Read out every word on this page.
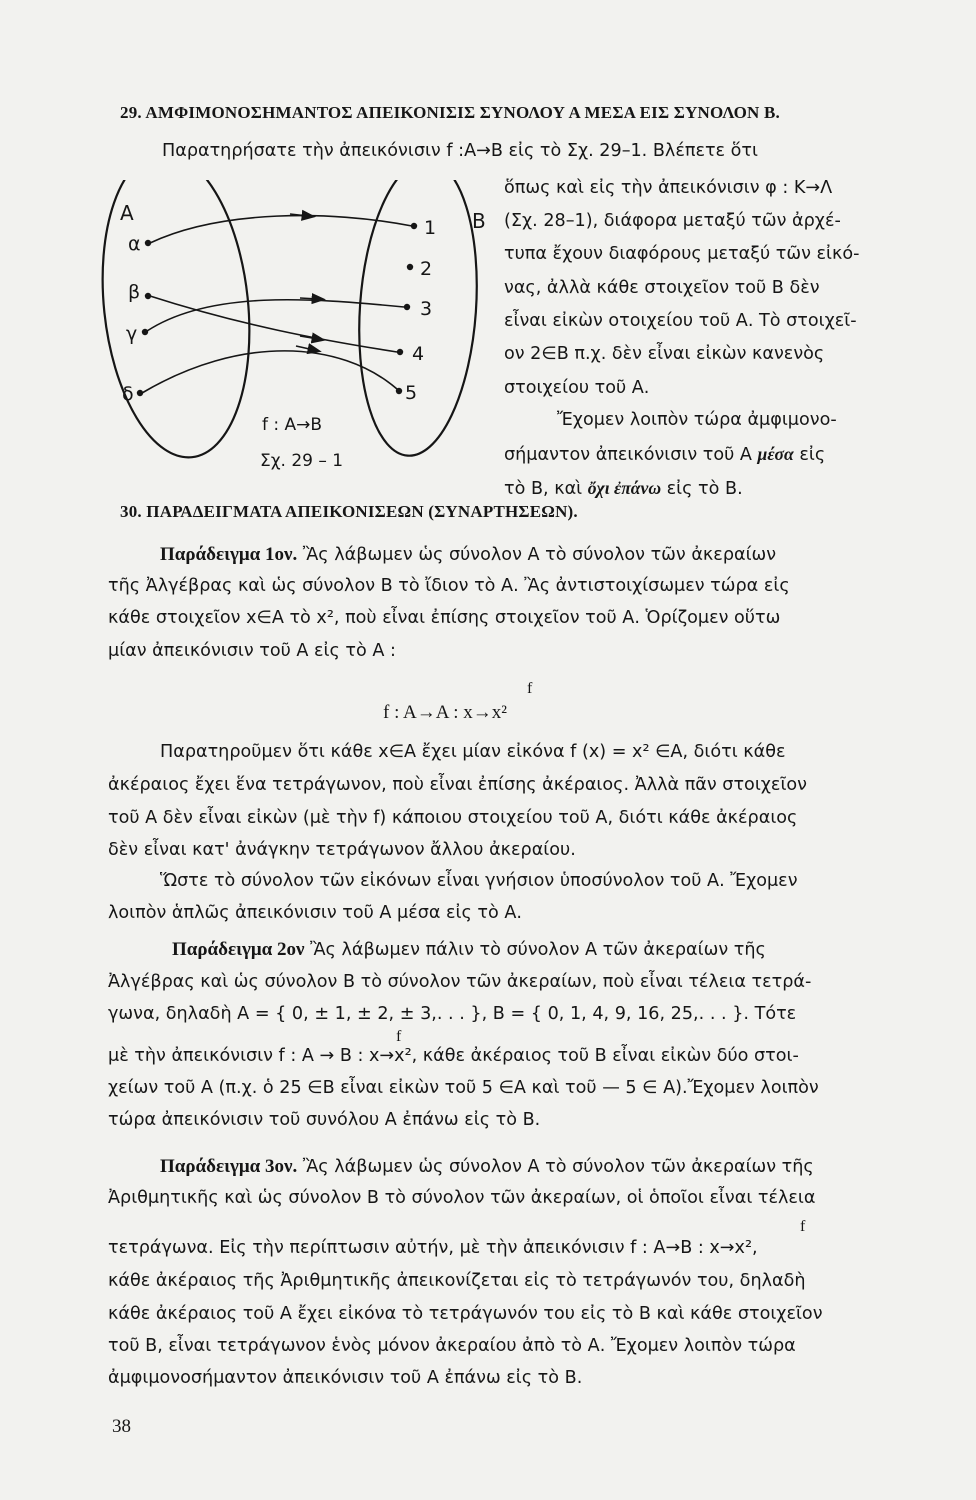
29. ΑΜΦΙΜΟΝΟΣΗΜΑΝΤΟΣ ΑΠΕΙΚΟΝΙΣΙΣ ΣΥΝΟΛΟΥ Α ΜΕΣΑ ΕΙΣ ΣΥΝΟΛΟΝ Β.
Παρατηρήσατε τὴν ἀπεικόνισιν f :A→B εἰς τὸ Σχ. 29–1. Βλέπετε ὅτι
ὅπως καὶ εἰς τὴν ἀπεικόνισιν φ : Κ→Λ
(Σχ. 28–1), διάφορα μεταξύ τῶν ἀρχέ-
τυπα ἔχουν διαφόρους μεταξύ τῶν εἰκό-
νας, ἀλλὰ κάθε στοιχεῖον τοῦ Β δὲν
εἶναι εἰκὼν οτοιχείου τοῦ Α. Τὸ στοιχεῖ-
ον 2∈Β π.χ. δὲν εἶναι εἰκὼν κανενὸς
στοιχείου τοῦ Α.
Ἔχομεν λοιπὸν τώρα ἀμφιμονο-
σήμαντον ἀπεικόνισιν τοῦ Α μέσα εἰς
τὸ Β, καὶ ὄχι ἐπάνω εἰς τὸ Β.
Α	Β
α
β
γ
δ
1
2
3
4
5
f : A→B
Σχ. 29 – 1
30. ΠΑΡΑΔΕΙΓΜΑΤΑ ΑΠΕΙΚΟΝΙΣΕΩΝ (ΣΥΝΑΡΤΗΣΕΩΝ).
Παράδειγμα 1ον. Ἂς λάβωμεν ὡς σύνολον Α τὸ σύνολον τῶν ἀκεραίων
τῆς Ἀλγέβρας καὶ ὡς σύνολον Β τὸ ἴδιον τὸ Α. Ἂς ἀντιστοιχίσωμεν τώρα εἰς
κάθε στοιχεῖον x∈A τὸ x², ποὺ εἶναι ἐπίσης στοιχεῖον τοῦ Α. Ὁρίζομεν οὕτω
μίαν ἀπεικόνισιν τοῦ Α εἰς τὸ Α :
f
f : A→A : x→x²
Παρατηροῦμεν ὅτι κάθε x∈A ἔχει μίαν εἰκόνα f (x) = x² ∈A, διότι κάθε
ἀκέραιος ἔχει ἕνα τετράγωνον, ποὺ εἶναι ἐπίσης ἀκέραιος. Ἀλλὰ πᾶν στοιχεῖον
τοῦ Α δὲν εἶναι εἰκὼν (μὲ τὴν f) κάποιου στοιχείου τοῦ Α, διότι κάθε ἀκέραιος
δὲν εἶναι κατ' ἀνάγκην τετράγωνον ἄλλου ἀκεραίου.
Ὥστε τὸ σύνολον τῶν εἰκόνων εἶναι γνήσιον ὑποσύνολον τοῦ Α. Ἔχομεν
λοιπὸν ἁπλῶς ἀπεικόνισιν τοῦ Α μέσα εἰς τὸ Α.
Παράδειγμα 2ον Ἂς λάβωμεν πάλιν τὸ σύνολον Α τῶν ἀκεραίων τῆς
Ἀλγέβρας καὶ ὡς σύνολον Β τὸ σύνολον τῶν ἀκεραίων, ποὺ εἶναι τέλεια τετρά-
γωνα, δηλαδὴ Α = { 0, ± 1, ± 2, ± 3,. . . }, Β = { 0, 1, 4, 9, 16, 25,. . . }. Τότε
f
μὲ τὴν ἀπεικόνισιν f : Α → Β : x→x², κάθε ἀκέραιος τοῦ Β εἶναι εἰκὼν δύο στοι-
χείων τοῦ Α (π.χ. ὁ 25 ∈Β εἶναι εἰκὼν τοῦ 5 ∈A καὶ τοῦ — 5 ∈ Α).Ἔχομεν λοιπὸν
τώρα ἀπεικόνισιν τοῦ συνόλου Α ἐπάνω εἰς τὸ Β.
Παράδειγμα 3ον. Ἂς λάβωμεν ὡς σύνολον Α τὸ σύνολον τῶν ἀκεραίων τῆς
Ἀριθμητικῆς καὶ ὡς σύνολον Β τὸ σύνολον τῶν ἀκεραίων, οἱ ὁποῖοι εἶναι τέλεια
f
τετράγωνα. Εἰς τὴν περίπτωσιν αὐτήν, μὲ τὴν ἀπεικόνισιν f : A→B : x→x²,
κάθε ἀκέραιος τῆς Ἀριθμητικῆς ἀπεικονίζεται εἰς τὸ τετράγωνόν του, δηλαδὴ
κάθε ἀκέραιος τοῦ Α ἔχει εἰκόνα τὸ τετράγωνόν του εἰς τὸ Β καὶ κάθε στοιχεῖον
τοῦ Β, εἶναι τετράγωνον ἑνὸς μόνον ἀκεραίου ἀπὸ τὸ Α. Ἔχομεν λοιπὸν τώρα
ἀμφιμονοσήμαντον ἀπεικόνισιν τοῦ Α ἐπάνω εἰς τὸ Β.
38
